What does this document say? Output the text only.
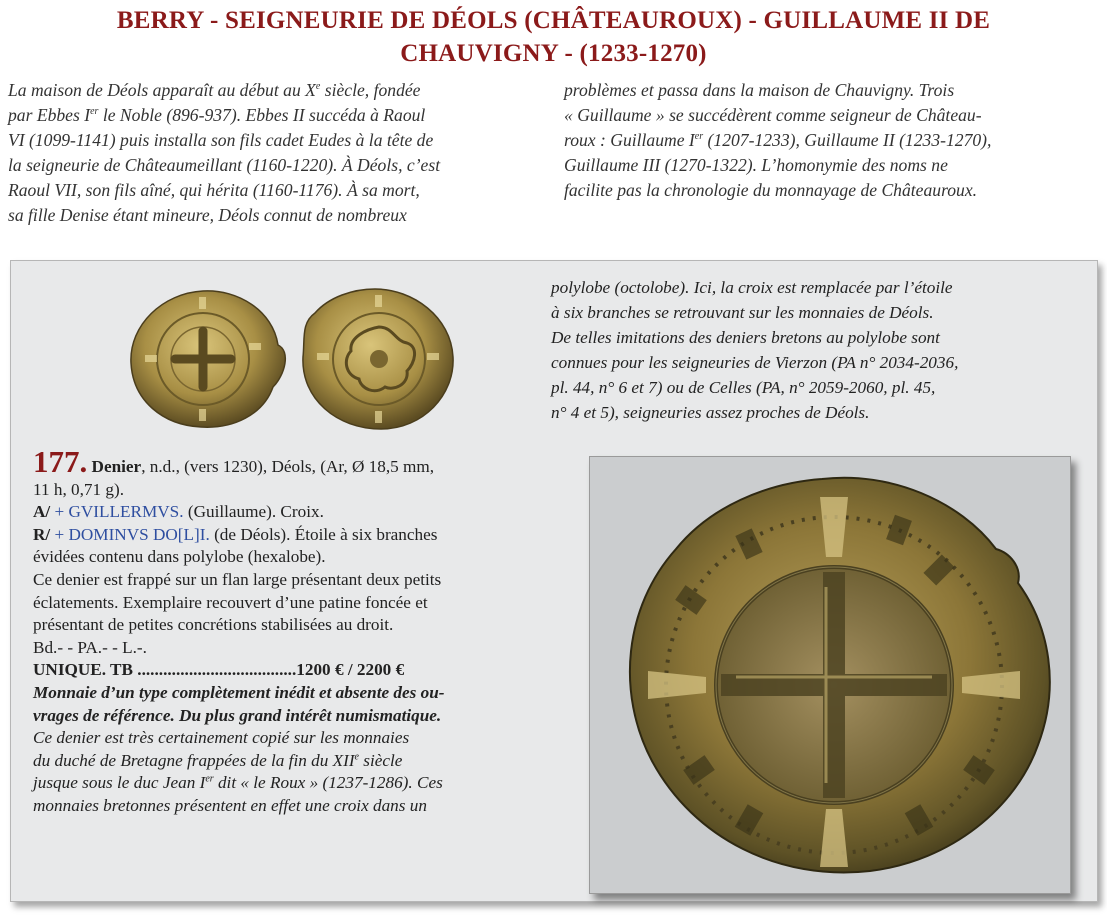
BERRY - SEIGNEURIE DE DÉOLS (CHÂTEAUROUX) - GUILLAUME II DE
CHAUVIGNY - (1233-1270)

La maison de Déols apparaît au début au Xe siècle, fondée

par Ebbes Ier le Noble (896-937). Ebbes II succéda à Raoul

VI (1099-1141) puis installa son fils cadet Eudes à la tête de

la seigneurie de Châteaumeillant (1160-1220). À Déols, c’est

Raoul VII, son fils aîné, qui hérita (1160-1176). À sa mort,

sa fille Denise étant mineure, Déols connut de nombreux

problèmes et passa dans la maison de Chauvigny. Trois

« Guillaume » se succédèrent comme seigneur de Château-

roux : Guillaume Ier (1207-1233), Guillaume II (1233-1270),

Guillaume III (1270-1322). L’homonymie des noms ne

facilite pas la chronologie du monnayage de Châteauroux.

177. Denier, n.d., (vers 1230), Déols, (Ar, Ø 18,5 mm,

11 h, 0,71 g).

A/ + GVILLERMVS. (Guillaume). Croix.

R/ + DOMINVS DO[L]I. (de Déols). Étoile à six branches

évidées contenu dans polylobe (hexalobe).

Ce denier est frappé sur un flan large présentant deux petits

éclatements. Exemplaire recouvert d’une patine foncée et

présentant de petites concrétions stabilisées au droit.

Bd.- - PA.- - L.-.

UNIQUE. TB .....................................1200 € / 2200 €

Monnaie d’un type complètement inédit et absente des ou-

vrages de référence. Du plus grand intérêt numismatique.

Ce denier est très certainement copié sur les monnaies

du duché de Bretagne frappées de la fin du XIIe siècle

jusque sous le duc Jean Ier dit « le Roux » (1237-1286). Ces

monnaies bretonnes présentent en effet une croix dans un

polylobe (octolobe). Ici, la croix est remplacée par l’étoile

à six branches se retrouvant sur les monnaies de Déols.

De telles imitations des deniers bretons au polylobe sont

connues pour les seigneuries de Vierzon (PA n° 2034-2036,

pl. 44, n° 6 et 7) ou de Celles (PA, n° 2059-2060, pl. 45,

n° 4 et 5), seigneuries assez proches de Déols.
